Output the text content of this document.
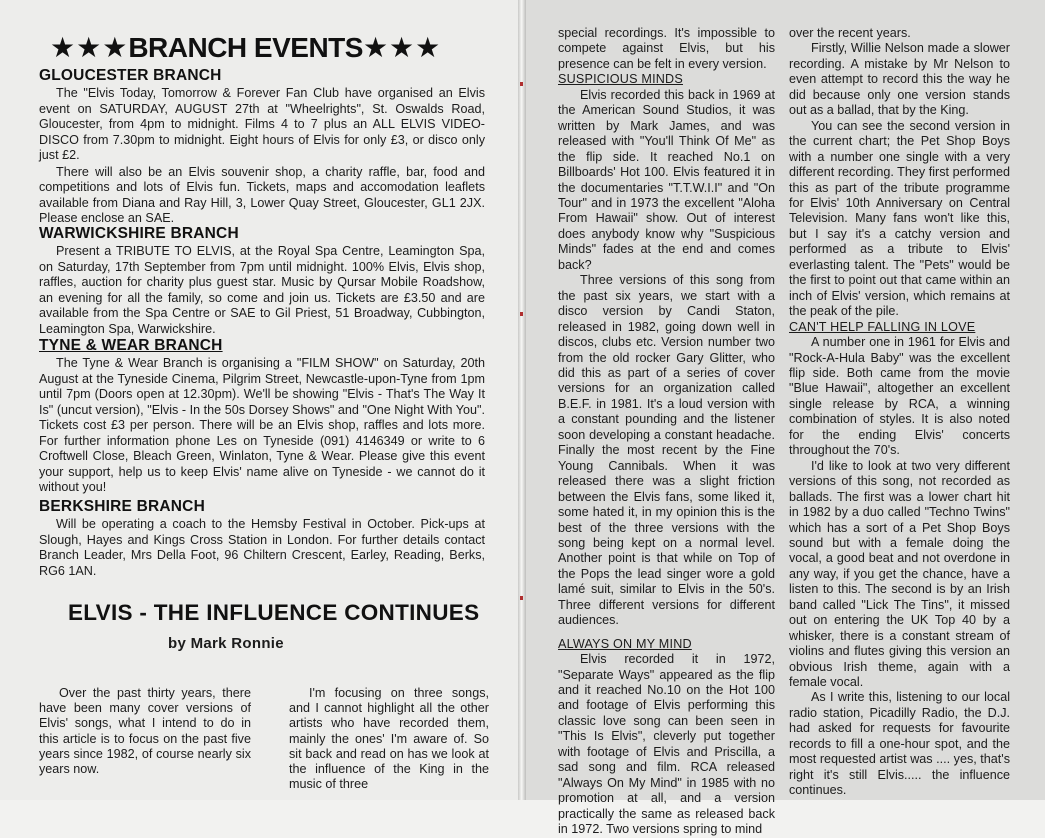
★★★BRANCH EVENTS★★★
GLOUCESTER BRANCH

The "Elvis Today, Tomorrow & Forever Fan Club have organised an Elvis event on SATURDAY, AUGUST 27th at "Wheelrights", St. Oswalds Road, Gloucester, from 4pm to midnight. Films 4 to 7 plus an ALL ELVIS VIDEO-DISCO from 7.30pm to midnight. Eight hours of Elvis for only £3, or disco only just £2.

There will also be an Elvis souvenir shop, a charity raffle, bar, food and competitions and lots of Elvis fun. Tickets, maps and accomodation leaflets available from Diana and Ray Hill, 3, Lower Quay Street, Gloucester, GL1 2JX. Please enclose an SAE.

WARWICKSHIRE BRANCH

Present a TRIBUTE TO ELVIS, at the Royal Spa Centre, Leamington Spa, on Saturday, 17th September from 7pm until midnight. 100% Elvis, Elvis shop, raffles, auction for charity plus guest star. Music by Qursar Mobile Roadshow, an evening for all the family, so come and join us. Tickets are £3.50 and are available from the Spa Centre or SAE to Gil Priest, 51 Broadway, Cubbington, Leamington Spa, Warwickshire.

TYNE & WEAR BRANCH

The Tyne & Wear Branch is organising a "FILM SHOW" on Saturday, 20th August at the Tyneside Cinema, Pilgrim Street, Newcastle-upon-Tyne from 1pm until 7pm (Doors open at 12.30pm). We'll be showing "Elvis - That's The Way It Is" (uncut version), "Elvis - In the 50s Dorsey Shows" and "One Night With You". Tickets cost £3 per person. There will be an Elvis shop, raffles and lots more. For further information phone Les on Tyneside (091) 4146349 or write to 6 Croftwell Close, Bleach Green, Winlaton, Tyne & Wear. Please give this event your support, help us to keep Elvis' name alive on Tyneside - we cannot do it without you!

BERKSHIRE BRANCH

Will be operating a coach to the Hemsby Festival in October. Pick-ups at Slough, Hayes and Kings Cross Station in London. For further details contact Branch Leader, Mrs Della Foot, 96 Chiltern Crescent, Earley, Reading, Berks, RG6 1AN.

ELVIS - THE INFLUENCE CONTINUES
by Mark Ronnie

Over the past thirty years, there have been many cover versions of Elvis' songs, what I intend to do in this article is to focus on the past five years since 1982, of course nearly six years now.

I'm focusing on three songs, and I cannot highlight all the other artists who have recorded them, mainly the ones' I'm aware of. So sit back and read on has we look at the influence of the King in the music of three

special recordings. It's impossible to compete against Elvis, but his presence can be felt in every version.

SUSPICIOUS MINDS

Elvis recorded this back in 1969 at the American Sound Studios, it was written by Mark James, and was released with "You'll Think Of Me" as the flip side. It reached No.1 on Billboards' Hot 100. Elvis featured it in the documentaries "T.T.W.I.I" and "On Tour" and in 1973 the excellent "Aloha From Hawaii" show. Out of interest does anybody know why "Suspicious Minds" fades at the end and comes back?

Three versions of this song from the past six years, we start with a disco version by Candi Staton, released in 1982, going down well in discos, clubs etc. Version number two from the old rocker Gary Glitter, who did this as part of a series of cover versions for an organization called B.E.F. in 1981. It's a loud version with a constant pounding and the listener soon developing a constant headache. Finally the most recent by the Fine Young Cannibals. When it was released there was a slight friction between the Elvis fans, some liked it, some hated it, in my opinion this is the best of the three versions with the song being kept on a normal level. Another point is that while on Top of the Pops the lead singer wore a gold lamé suit, similar to Elvis in the 50's. Three different versions for different audiences.

ALWAYS ON MY MIND

Elvis recorded it in 1972, "Separate Ways" appeared as the flip and it reached No.10 on the Hot 100 and footage of Elvis performing this classic love song can been seen in "This Is Elvis", cleverly put together with footage of Elvis and Priscilla, a sad song and film. RCA released "Always On My Mind" in 1985 with no promotion at all, and a version practically the same as released back in 1972. Two versions spring to mind

over the recent years.

Firstly, Willie Nelson made a slower recording. A mistake by Mr Nelson to even attempt to record this the way he did because only one version stands out as a ballad, that by the King.

You can see the second version in the current chart; the Pet Shop Boys with a number one single with a very different recording. They first performed this as part of the tribute programme for Elvis' 10th Anniversary on Central Television. Many fans won't like this, but I say it's a catchy version and performed as a tribute to Elvis' everlasting talent. The "Pets" would be the first to point out that came within an inch of Elvis' version, which remains at the peak of the pile.

CAN'T HELP FALLING IN LOVE

A number one in 1961 for Elvis and "Rock-A-Hula Baby" was the excellent flip side. Both came from the movie "Blue Hawaii", altogether an excellent single release by RCA, a winning combination of styles. It is also noted for the ending Elvis' concerts throughout the 70's.

I'd like to look at two very different versions of this song, not recorded as ballads. The first was a lower chart hit in 1982 by a duo called "Techno Twins" which has a sort of a Pet Shop Boys sound but with a female doing the vocal, a good beat and not overdone in any way, if you get the chance, have a listen to this. The second is by an Irish band called "Lick The Tins", it missed out on entering the UK Top 40 by a whisker, there is a constant stream of violins and flutes giving this version an obvious Irish theme, again with a female vocal.

As I write this, listening to our local radio station, Picadilly Radio, the D.J. had asked for requests for favourite records to fill a one-hour spot, and the most requested artist was .... yes, that's right it's still Elvis..... the influence continues.
